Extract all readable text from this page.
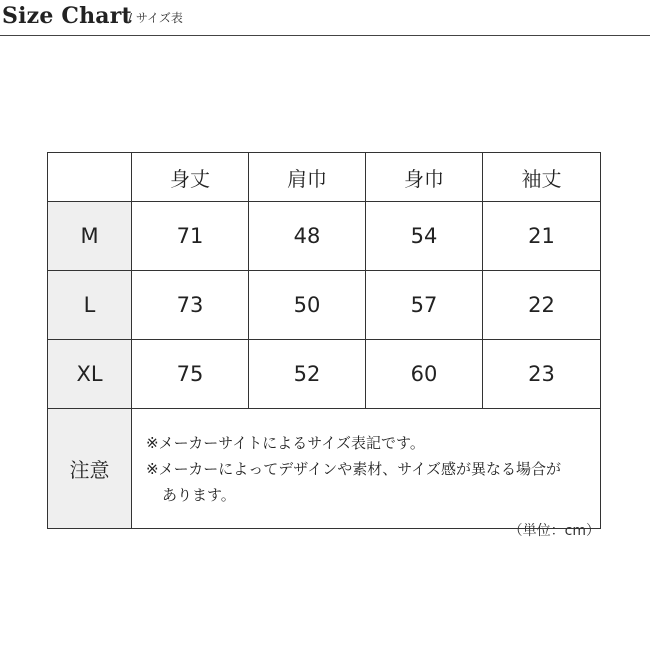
Size Chart
/ サイズ表
	身丈	肩巾	身巾	袖丈
M	71	48	54	21
L	73	50	57	22
XL	75	52	60	23
注意	※メーカーサイトによるサイズ表記です。
※メーカーによってデザインや素材、サイズ感が異なる場合が
あります。			
（単位：cm）
